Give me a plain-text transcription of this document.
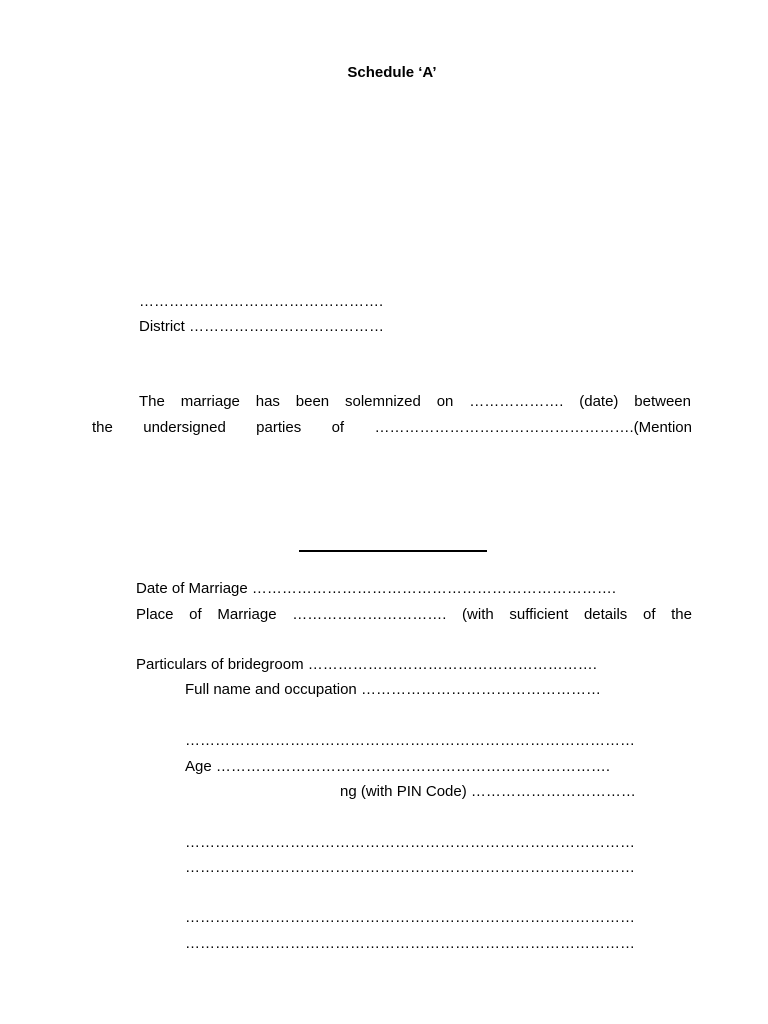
Schedule ‘A’
………………………………………….
District …………………………………
The marriage has been solemnized on ………………. (date) between
the undersigned parties of …………………………………………….(Mention
Date of Marriage ……………………………………………………………….
Place of Marriage …………………………. (with sufficient details of the
Particulars of bridegroom ………………………………………………….
Full name and occupation …………………………………………
………………………………………………………………………………
Age …………………………………………………………………….
ng (with PIN Code) ……………………………
………………………………………………………………………………
………………………………………………………………………………
………………………………………………………………………………
………………………………………………………………………………
